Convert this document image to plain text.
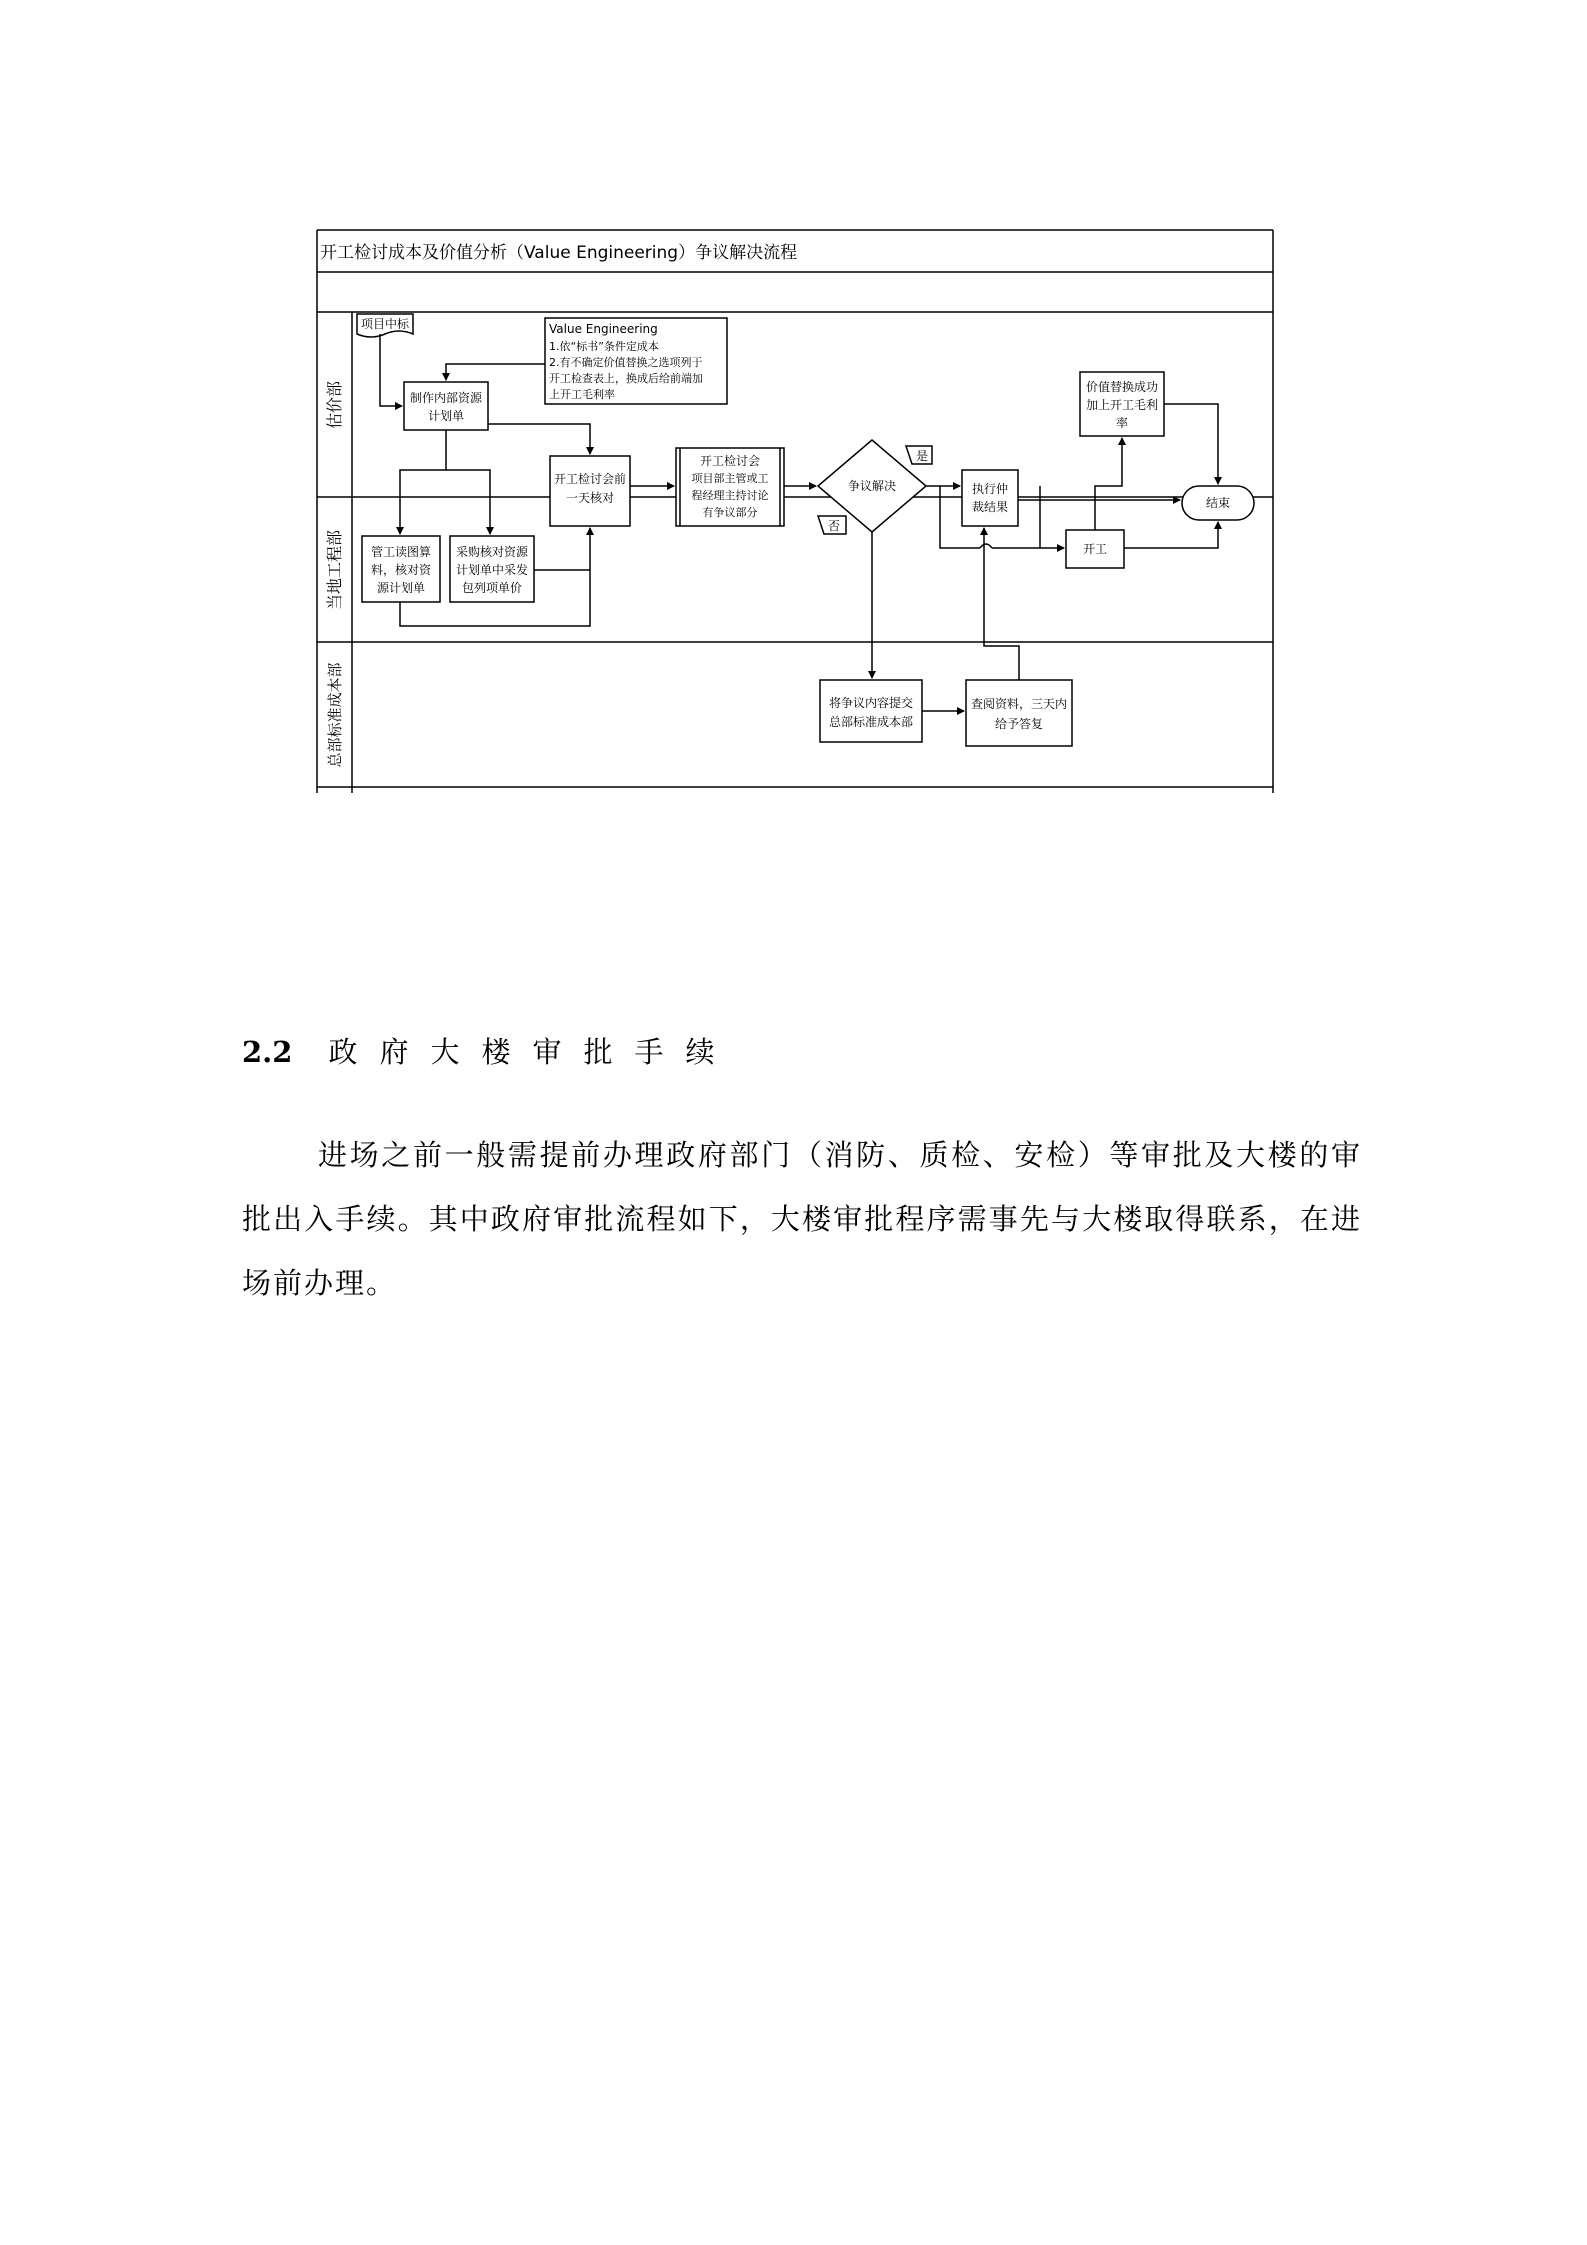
开工检讨成本及价值分析（Value Engineering）争议解决流程
估价部
当地工程部
总部标准成本部
项目中标	Value Engineering
1.依“标书”条件定成本
2.有不确定价值替换之选项列于
开工检查表上，换成后给前端加
上开工毛利率
制作内部资源
计划单
开工检讨会前
一天核对
开工检讨会
项目部主管或工
程经理主持讨论
有争议部分
争议解决
是
否
执行仲
裁结果
价值替换成功
加上开工毛利
率
结束
开工
管工读图算
料，核对资
源计划单
采购核对资源
计划单中采发
包列项单价
将争议内容提交
总部标准成本部
查阅资料，三天内
给予答复
2.2 政府大楼审批手续

进场之前一般需提前办理政府部门（消防、质检、安检）等审批及大楼的审批出入手续。其中政府审批流程如下，大楼审批程序需事先与大楼取得联系，在进场前办理。
